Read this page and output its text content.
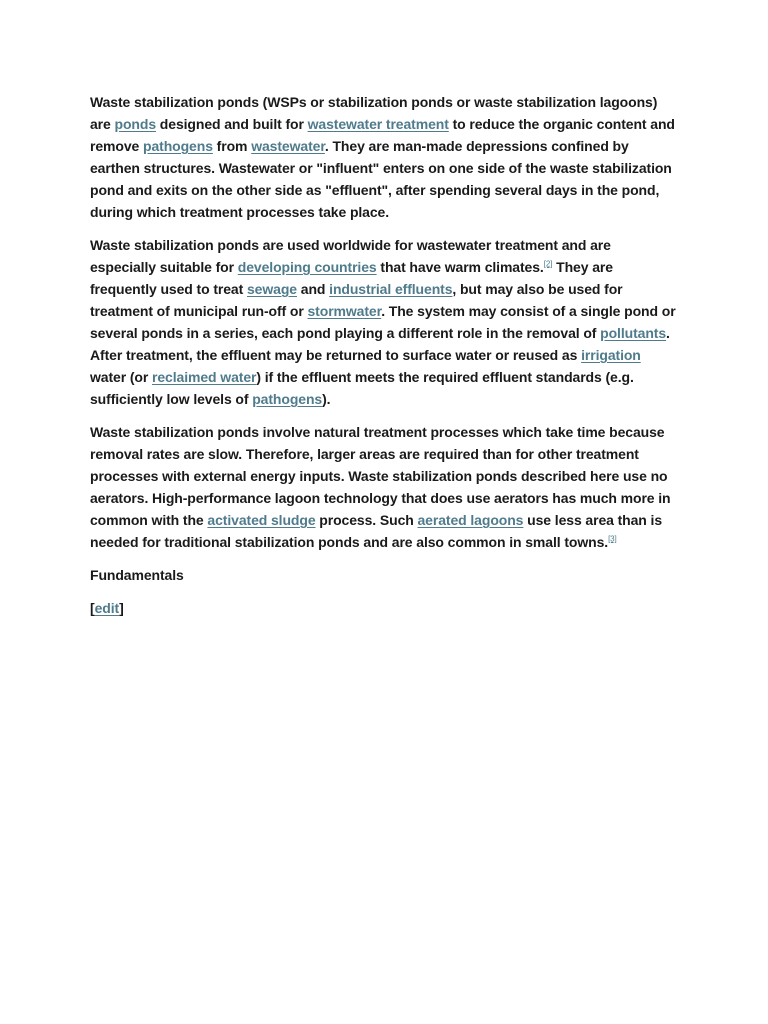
Waste stabilization ponds (WSPs or stabilization ponds or waste stabilization lagoons) are ponds designed and built for wastewater treatment to reduce the organic content and remove pathogens from wastewater. They are man-made depressions confined by earthen structures. Wastewater or "influent" enters on one side of the waste stabilization pond and exits on the other side as "effluent", after spending several days in the pond, during which treatment processes take place.

Waste stabilization ponds are used worldwide for wastewater treatment and are especially suitable for developing countries that have warm climates.[2] They are frequently used to treat sewage and industrial effluents, but may also be used for treatment of municipal run-off or stormwater. The system may consist of a single pond or several ponds in a series, each pond playing a different role in the removal of pollutants. After treatment, the effluent may be returned to surface water or reused as irrigation water (or reclaimed water) if the effluent meets the required effluent standards (e.g. sufficiently low levels of pathogens).

Waste stabilization ponds involve natural treatment processes which take time because removal rates are slow. Therefore, larger areas are required than for other treatment processes with external energy inputs. Waste stabilization ponds described here use no aerators. High-performance lagoon technology that does use aerators has much more in common with the activated sludge process. Such aerated lagoons use less area than is needed for traditional stabilization ponds and are also common in small towns.[3]

Fundamentals

[edit]
